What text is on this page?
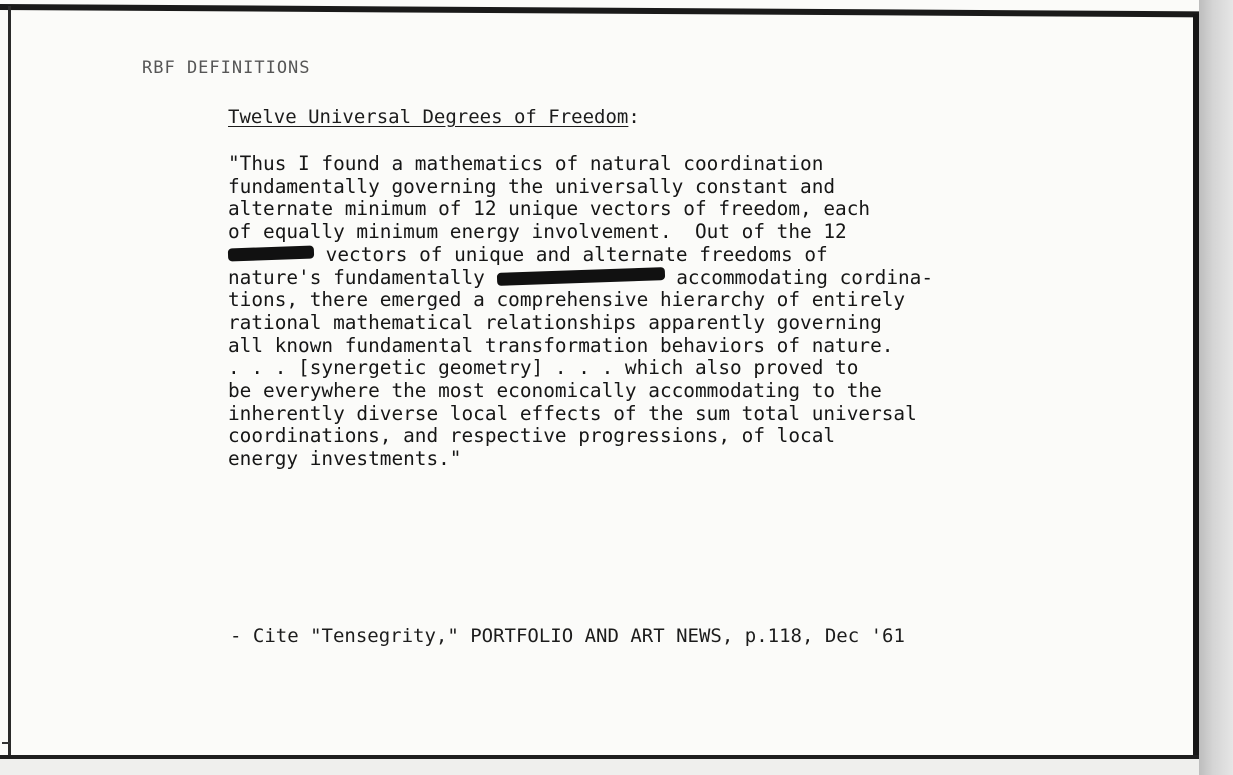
RBF DEFINITIONS
Twelve Universal Degrees of Freedom:
"Thus I found a mathematics of natural coordination
fundamentally governing the universally constant and
alternate minimum of 12 unique vectors of freedom, each
of equally minimum energy involvement.  Out of the 12
vectors of unique and alternate freedoms of
nature's fundamentally	accommodating cordina-
tions, there emerged a comprehensive hierarchy of entirely
rational mathematical relationships apparently governing
all known fundamental transformation behaviors of nature.
. . . [synergetic geometry] . . . which also proved to
be everywhere the most economically accommodating to the
inherently diverse local effects of the sum total universal
coordinations, and respective progressions, of local
energy investments."
- Cite "Tensegrity," PORTFOLIO AND ART NEWS, p.118, Dec '61
